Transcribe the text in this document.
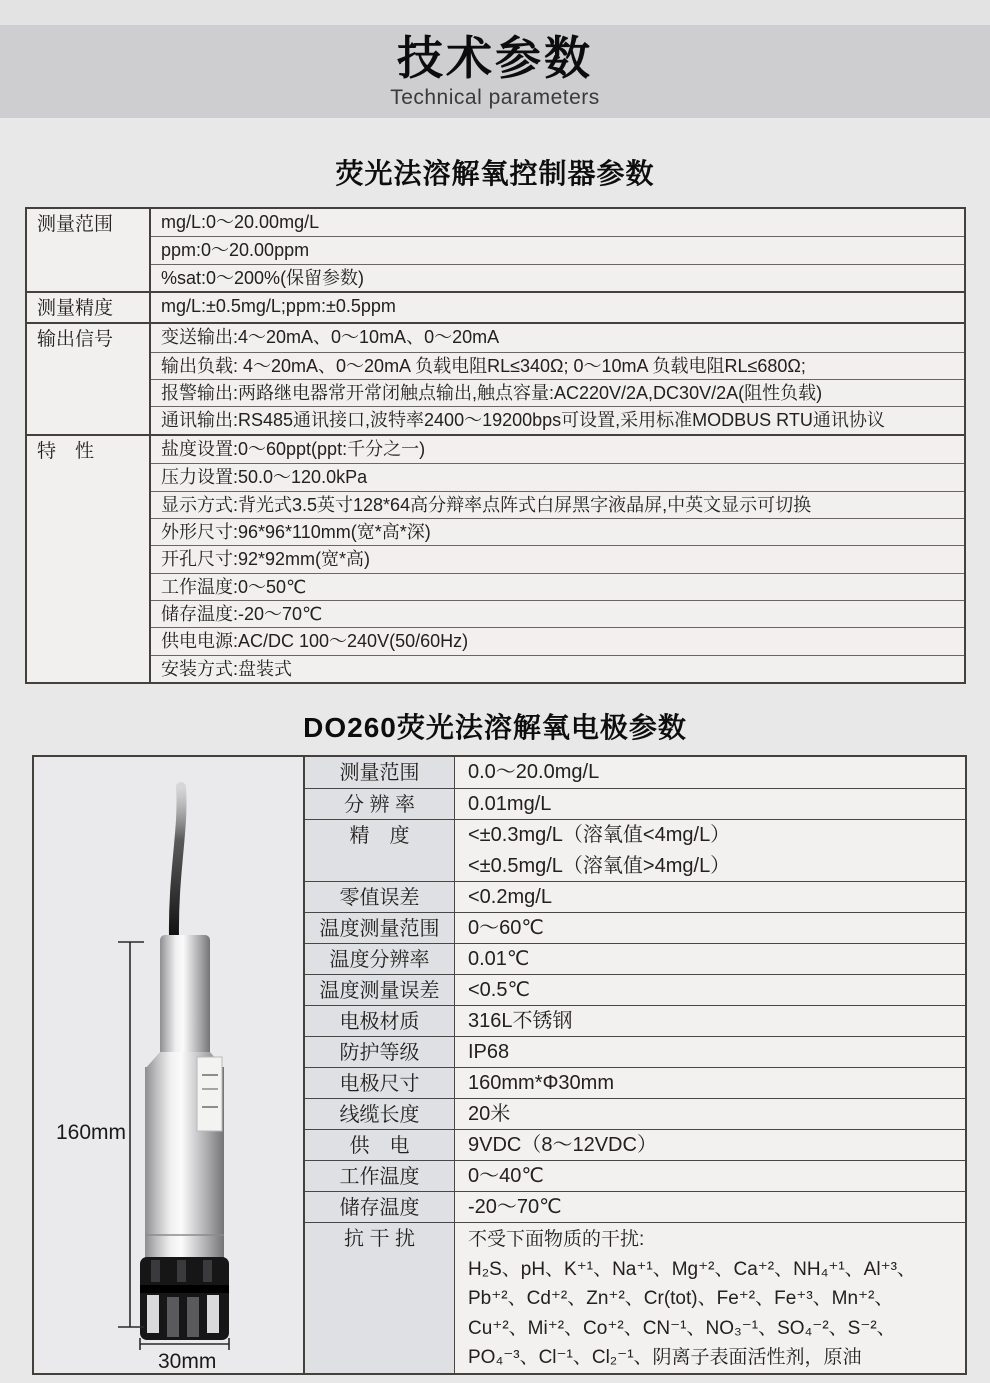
技术参数
Technical parameters
荧光法溶解氧控制器参数
测量范围	mg/L:0～20.00mg/L
ppm:0～20.00ppm
%sat:0～200%(保留参数)
测量精度	mg/L:±0.5mg/L;ppm:±0.5ppm
输出信号	变送输出:4～20mA、0～10mA、0～20mA
输出负载: 4～20mA、0～20mA 负载电阻RL≤340Ω; 0～10mA 负载电阻RL≤680Ω;
报警输出:两路继电器常开常闭触点输出,触点容量:AC220V/2A,DC30V/2A(阻性负载)
通讯输出:RS485通讯接口,波特率2400～19200bps可设置,采用标准MODBUS RTU通讯协议
特　性	盐度设置:0～60ppt(ppt:千分之一)
压力设置:50.0～120.0kPa
显示方式:背光式3.5英寸128*64高分辩率点阵式白屏黑字液晶屏,中英文显示可切换
外形尺寸:96*96*110mm(宽*高*深)
开孔尺寸:92*92mm(宽*高)
工作温度:0～50℃
储存温度:-20～70℃
供电电源:AC/DC 100～240V(50/60Hz)
安装方式:盘装式
DO260荧光法溶解氧电极参数
160mm
30mm
测量范围	0.0～20.0mg/L
分 辨 率	0.01mg/L
精　度	<±0.3mg/L（溶氧值<4mg/L）
<±0.5mg/L（溶氧值>4mg/L）
零值误差	<0.2mg/L
温度测量范围	0～60℃
温度分辨率	0.01℃
温度测量误差	<0.5℃
电极材质	316L不锈钢
防护等级	IP68
电极尺寸	160mm*Φ30mm
线缆长度	20米
供　电	9VDC（8～12VDC）
工作温度	0～40℃
储存温度	-20～70℃
抗 干 扰	不受下面物质的干扰:
H₂S、pH、K⁺¹、Na⁺¹、Mg⁺²、Ca⁺²、NH₄⁺¹、Al⁺³、
Pb⁺²、Cd⁺²、Zn⁺²、Cr(tot)、Fe⁺²、Fe⁺³、Mn⁺²、
Cu⁺²、Mi⁺²、Co⁺²、CN⁻¹、NO₃⁻¹、SO₄⁻²、S⁻²、
PO₄⁻³、Cl⁻¹、Cl₂⁻¹、阴离子表面活性剂，原油
